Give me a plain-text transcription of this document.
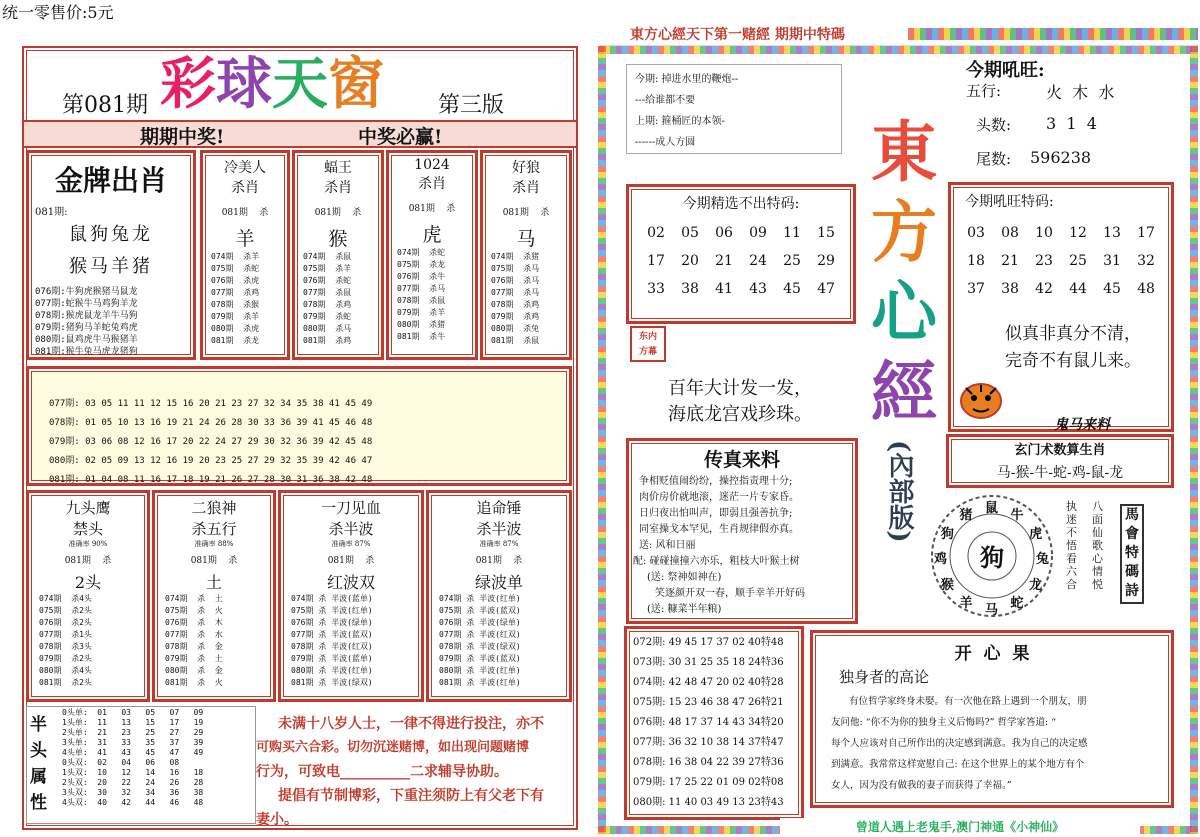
统一零售价:5元
第081期 彩 球 天 窗 第三版
期期中奖!	中奖必赢!
金牌出肖
081期:
鼠狗兔龙
猴马羊猪
076期:牛狗虎猴猪马鼠龙
077期:蛇猴牛马鸡狗羊龙
078期:猴虎鼠龙羊牛马狗
079期:猪狗马羊蛇兔鸡虎
080期:鼠鸡虎牛马猴猪羊
081期:猴牛兔马虎龙猪狗
冷美人
杀肖
081期    杀
羊
074期  杀羊
075期  杀蛇
076期  杀虎
077期  杀鸡
078期  杀猴
079期  杀羊
080期  杀虎
081期  杀龙
蝠王
杀肖
081期    杀
猴
074期  杀鼠
075期  杀羊
076期  杀蛇
077期  杀鼠
078期  杀鸡
079期  杀蛇
080期  杀马
081期  杀鸡
1024
杀肖
081期    杀
虎
074期  杀蛇
075期  杀龙
076期  杀牛
077期  杀马
078期  杀鼠
079期  杀羊
080期  杀猪
081期  杀牛
好狼
杀肖
081期    杀
马
074期  杀猪
075期  杀马
076期  杀马
077期  杀马
078期  杀鸡
079期  杀鸡
080期  杀兔
081期  杀鼠
077期: 03 05 11 11 12 15 16 20 21 23 27 32 34 35 38 41 45 49
078期: 01 05 10 13 16 19 21 24 26 28 30 33 36 39 41 45 46 48
079期: 03 06 08 12 16 17 20 22 24 27 29 30 32 36 39 42 45 48
080期: 02 05 09 13 12 16 19 20 23 25 27 29 32 35 39 42 46 47
081期: 01 04 08 11 16 17 18 19 21 26 27 28 30 31 36 38 42 48
九头鹰
禁头
准确率 90%
081期    杀
2头
074期  杀4头
075期  杀2头
076期  杀2头
077期  杀1头
078期  杀3头
079期  杀2头
080期  杀4头
081期  杀2头
二狼神
杀五行
准确率 88%
081期    杀
土
074期  杀  土
075期  杀  火
076期  杀  木
077期  杀  水
078期  杀  金
079期  杀  土
080期  杀  金
081期  杀  火
一刀见血
杀半波
准确率 87%
081期    杀
红波双
074期 杀 半波(蓝单)
075期 杀 半波(红单)
076期 杀 半波(绿单)
077期 杀 半波(蓝双)
078期 杀 半波(红双)
079期 杀 半波(蓝单)
080期 杀 半波(红单)
081期 杀 半波(绿双)
追命锤
杀半波
准确率 87%
081期    杀
绿波单
074期 杀 半波(红单)
075期 杀 半波(蓝双)
076期 杀 半波(绿单)
077期 杀 半波(红双)
078期 杀 半波(绿双)
079期 杀 半波(蓝双)
080期 杀 半波(红单)
081期 杀 半波(红单)
半
头
属
性
0头单:  01   03   05   07   09
1头单:  11   13   15   17   19
2头单:  21   23   25   27   29
3头单:  31   33   35   37   39
4头单:  41   43   45   47   49
0头双:  02   04   06   08
1头双:  10   12   14   16   18
2头双:  20   22   24   26   28
3头双:  30   32   34   36   38
4头双:  40   42   44   46   48
未满十八岁人士，一律不得进行投注，亦不
可购买六合彩。切勿沉迷赌博，如出现问题赌博
行为，可致电__________二求辅导协助。
提倡有节制博彩，下重注须防上有父老下有
妻小。
東方心經天下第一赌經 期期中特碼
今期: 掉进水里的鞭炮--
---给谁都不要
上期: 箍桶匠的本领-
------成人方圆	東
方
心
經
(內部版)
今期吼旺:
五行:	火  木  水
头数: 3  1  4
尾数: 596238
今期精选不出特码:
02	05	06	09	11	15
17	20	21	24	25	29
33	38	41	43	45	47
今期吼旺特码:
03	08	10	12	13	17
18	21	23	25	31	32
37	38	42	44	45	48
似真非真分不清，
完奇不有鼠儿来。
东内
方幕
百年大计发一发，
海底龙宫戏珍珠。	鬼马来料
传真来料
争相贬值闹纷纷，操控指责理十分;
肉价房价就地滚，迷茫一片专家昏。
日归夜出怕叫声，即弱且强善抗争;
同室操戈本罕见，生肖规律假亦真。
送: 风和日丽
配: 碰碰撞撞六亦乐，粗枝大叶猴土树
(送: 祭神如神在)
笑逐颜开双一春，顺手幸羊开好码
(送: 糠菜半年粮)
玄门术数算生肖
马-猴-牛-蛇-鸡-鼠-龙
狗
鼠 牛
虎
兔
龙
蛇
马
羊
猴
鸡
狗
猪
执迷不悟看六合
八面仙歌心情悦
馬會特碼詩
072期: 49 45 17 37 02 40特48
073期: 30 31 25 35 18 24特36
074期: 42 48 47 20 02 40特28
075期: 15 23 46 38 47 26特21
076期: 48 17 37 14 43 34特20
077期: 36 32 10 38 14 37特47
078期: 16 38 04 22 39 27特36
079期: 17 25 22 01 09 02特08
080期: 11 40 03 49 13 23特43
开  心  果
独身者的高论
有位哲学家终身未娶。有一次他在路上遇到一个朋友，朋
友问他: “你不为你的独身主义后悔吗?” 哲学家答道: “
每个人应该对自己所作出的决定感到满意。我为自己的决定感
到满意。我常常这样宽慰自己: 在这个世界上的某个地方有个
女人，因为没有做我的妻子而获得了幸福。”
曾道人遇上老鬼手,澳门神通《小神仙》
